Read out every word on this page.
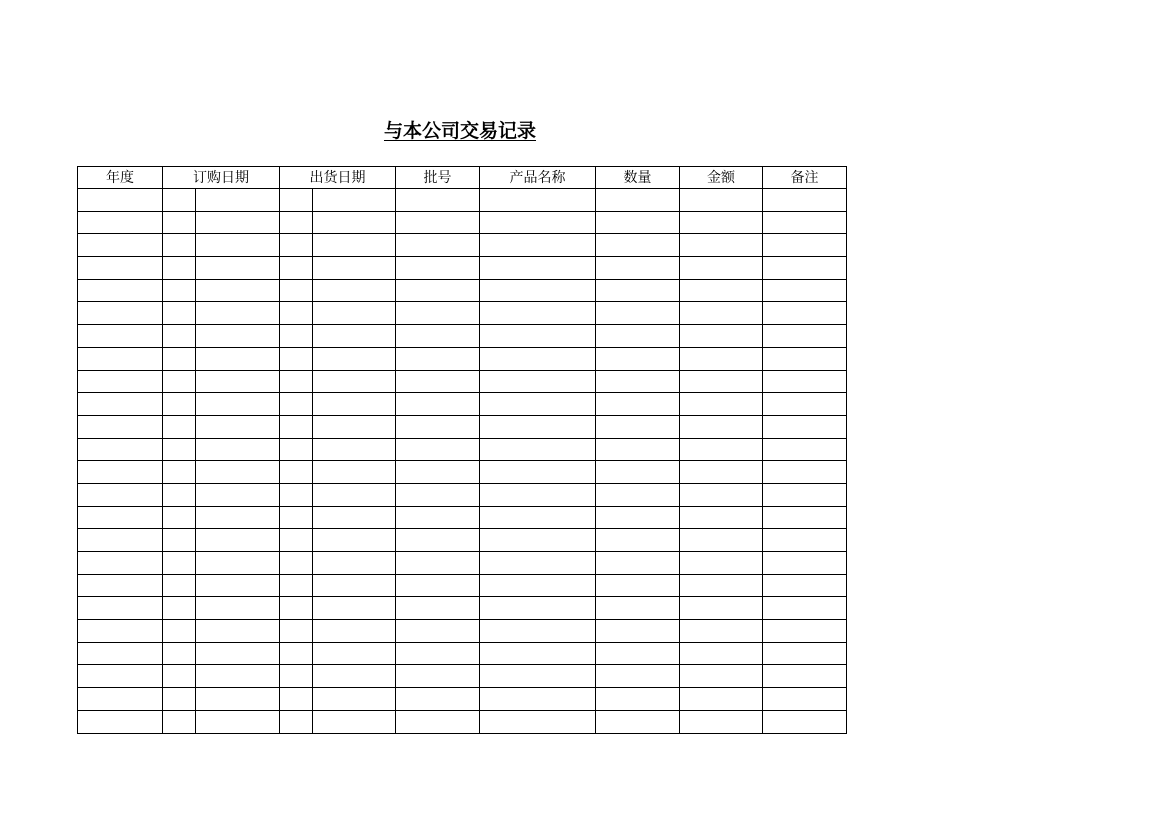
与本公司交易记录
年度	订购日期		出货日期		批号	产品名称	数量	金额	备注
